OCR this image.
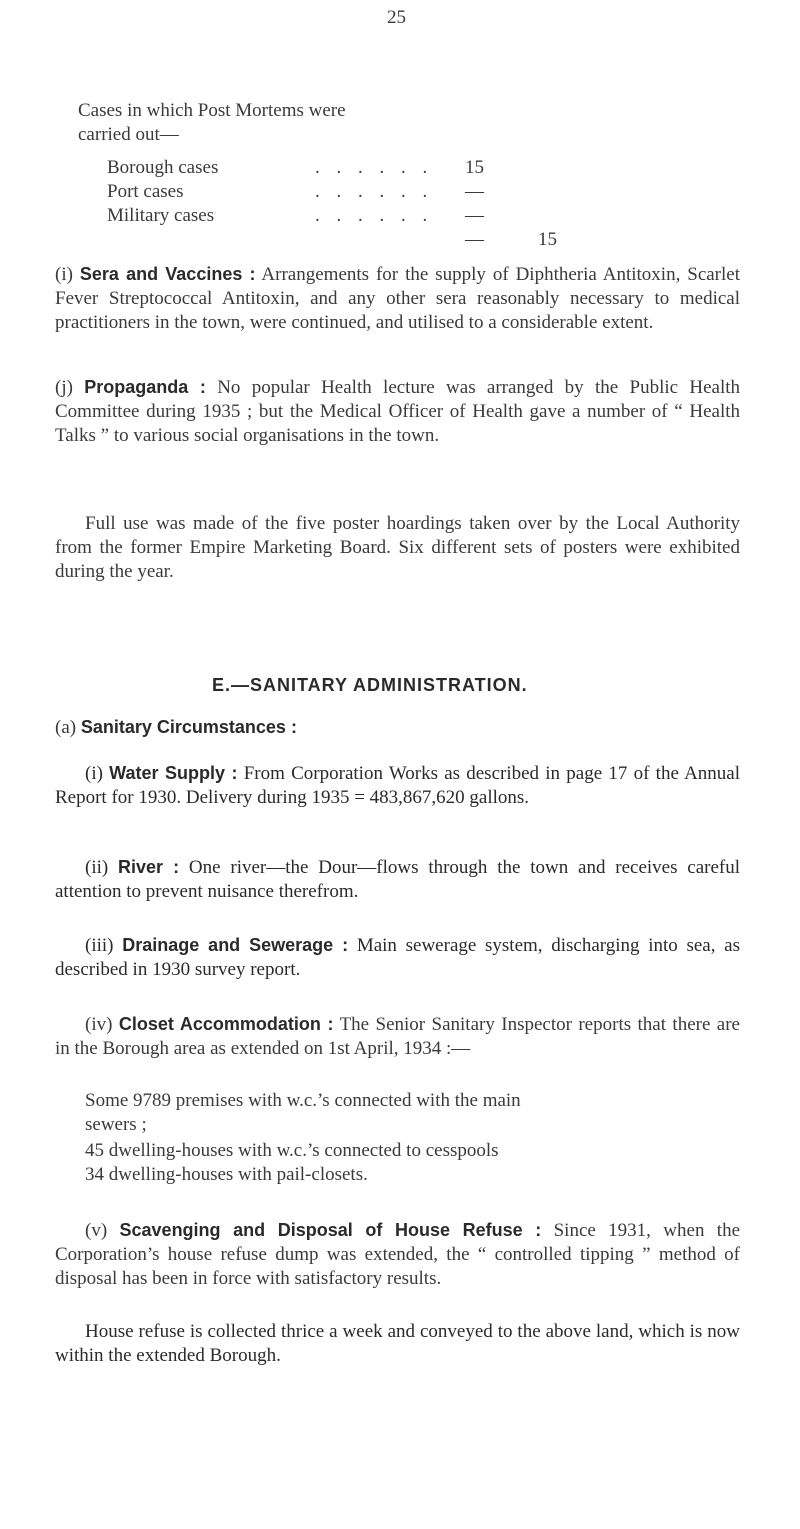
25
Cases in which Post Mortems were
carried out—
Borough cases	. . . . . . 15
Port cases	. . . . . . —
Military cases	. . . . . . —
—	15
(i) Sera and Vaccines : Arrangements for the supply of Diphtheria Antitoxin, Scarlet Fever Streptococcal Antitoxin, and any other sera reasonably necessary to medical practitioners in the town, were continued, and utilised to a considerable extent.
(j) Propaganda : No popular Health lecture was arranged by the Public Health Committee during 1935 ; but the Medical Officer of Health gave a number of “ Health Talks ” to various social organisations in the town.
Full use was made of the five poster hoardings taken over by the Local Authority from the former Empire Marketing Board. Six different sets of posters were exhibited during the year.
E.—SANITARY ADMINISTRATION.
(a) Sanitary Circumstances :
(i) Water Supply : From Corporation Works as described in page 17 of the Annual Report for 1930. Delivery during 1935 = 483,867,620 gallons.
(ii) River : One river—the Dour—flows through the town and receives careful attention to prevent nuisance therefrom.
(iii) Drainage and Sewerage : Main sewerage system, discharging into sea, as described in 1930 survey report.
(iv) Closet Accommodation : The Senior Sanitary Inspector reports that there are in the Borough area as extended on 1st April, 1934 :—
Some 9789 premises with w.c.’s connected with the main sewers ;
45 dwelling-houses with w.c.’s connected to cesspools
34 dwelling-houses with pail-closets.
(v) Scavenging and Disposal of House Refuse : Since 1931, when the Corporation’s house refuse dump was extended, the “ controlled tipping ” method of disposal has been in force with satisfactory results.
House refuse is collected thrice a week and conveyed to the above land, which is now within the extended Borough.
